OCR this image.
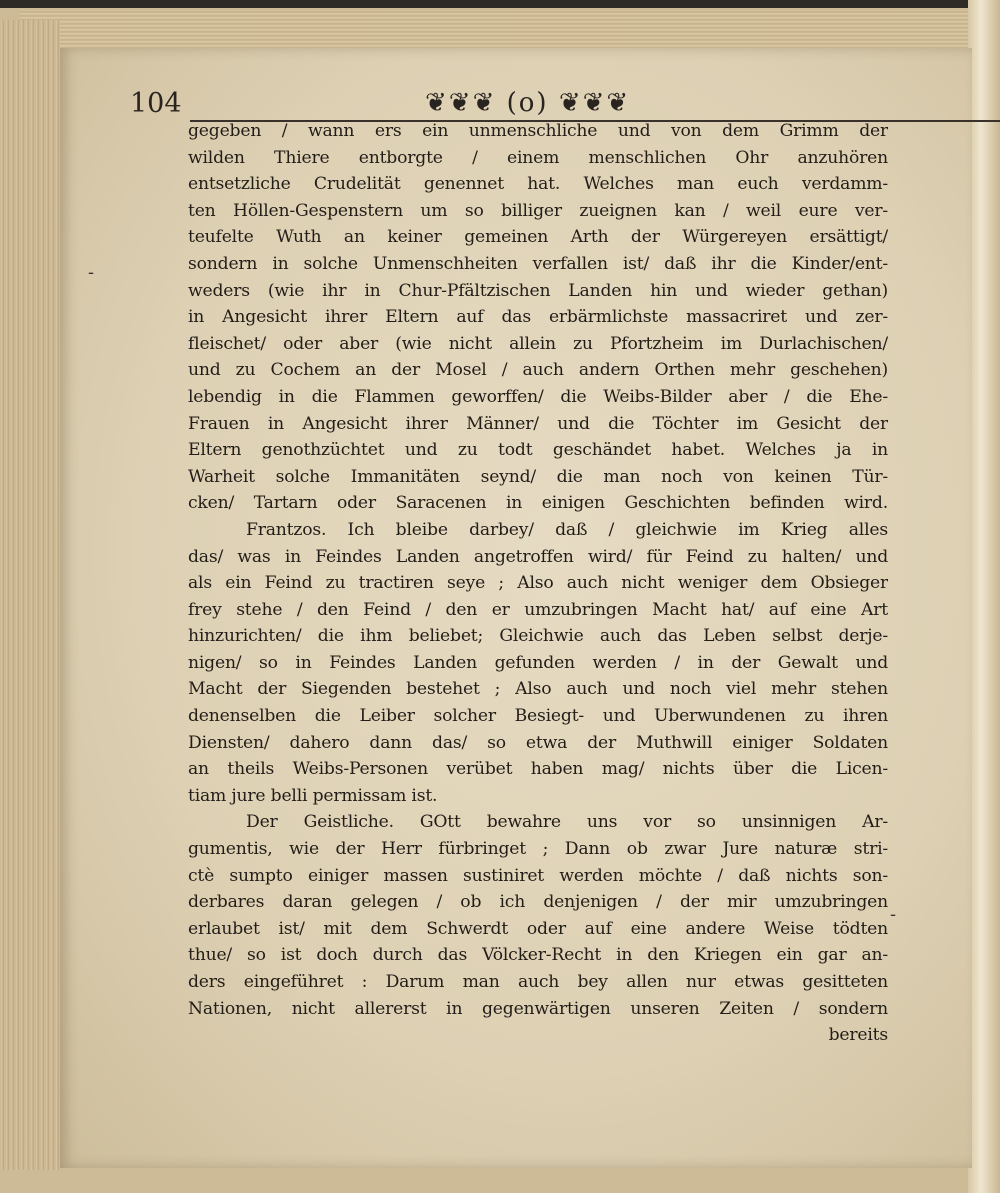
104	❦❦❦ (o) ❦❦❦
-
-
gegeben / wann ers ein unmenschliche und von dem Grimm der
wilden Thiere entborgte / einem menschlichen Ohr anzuhören
entsetzliche Crudelität genennet hat. Welches man euch verdamm-
ten Höllen-Gespenstern um so billiger zueignen kan / weil eure ver-
teufelte Wuth an keiner gemeinen Arth der Würgereyen ersättigt/
sondern in solche Unmenschheiten verfallen ist/ daß ihr die Kinder/ent-
weders (wie ihr in Chur-Pfältzischen Landen hin und wieder gethan)
in Angesicht ihrer Eltern auf das erbärmlichste massacriret und zer-
fleischet/ oder aber (wie nicht allein zu Pfortzheim im Durlachischen/
und zu Cochem an der Mosel / auch andern Orthen mehr geschehen)
lebendig in die Flammen geworffen/ die Weibs-Bilder aber / die Ehe-
Frauen in Angesicht ihrer Männer/ und die Töchter im Gesicht der
Eltern genothzüchtet und zu todt geschändet habet. Welches ja in
Warheit solche Immanitäten seynd/ die man noch von keinen Tür-
cken/ Tartarn oder Saracenen in einigen Geschichten befinden wird.
Frantzos. Ich bleibe darbey/ daß / gleichwie im Krieg alles
das/ was in Feindes Landen angetroffen wird/ für Feind zu halten/ und
als ein Feind zu tractiren seye ; Also auch nicht weniger dem Obsieger
frey stehe / den Feind / den er umzubringen Macht hat/ auf eine Art
hinzurichten/ die ihm beliebet; Gleichwie auch das Leben selbst derje-
nigen/ so in Feindes Landen gefunden werden / in der Gewalt und
Macht der Siegenden bestehet ; Also auch und noch viel mehr stehen
denenselben die Leiber solcher Besiegt- und Uberwundenen zu ihren
Diensten/ dahero dann das/ so etwa der Muthwill einiger Soldaten
an theils Weibs-Personen verübet haben mag/ nichts über die Licen-
tiam jure belli permissam ist.
Der Geistliche. GOtt bewahre uns vor so unsinnigen Ar-
gumentis, wie der Herr fürbringet ; Dann ob zwar Jure naturæ stri-
ctè sumpto einiger massen sustiniret werden möchte / daß nichts son-
derbares daran gelegen / ob ich denjenigen / der mir umzubringen
erlaubet ist/ mit dem Schwerdt oder auf eine andere Weise tödten
thue/ so ist doch durch das Völcker-Recht in den Kriegen ein gar an-
ders eingeführet : Darum man auch bey allen nur etwas gesitteten
Nationen, nicht allererst in gegenwärtigen unseren Zeiten / sondern
bereits
